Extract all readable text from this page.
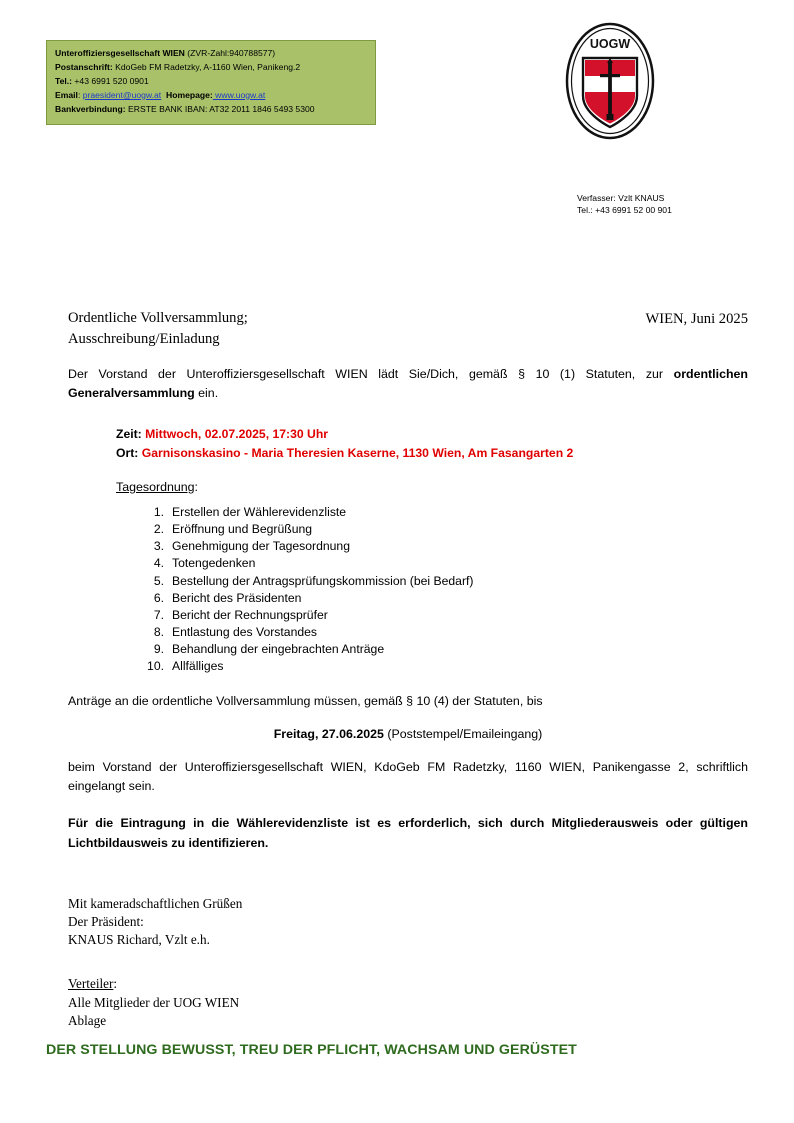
Unteroffiziersgesellschaft WIEN (ZVR-Zahl:940788577)
Postanschrift: KdoGeb FM Radetzky, A-1160 Wien, Panikeng.2
Tel.: +43 6991 520 0901
Email: praesident@uogw.at Homepage: www.uogw.at
Bankverbindung: ERSTE BANK IBAN: AT32 2011 1846 5493 5300
UOGW
Verfasser: Vzlt KNAUS
Tel.: +43 6991 52 00 901
Ordentliche Vollversammlung;
Ausschreibung/Einladung
WIEN, Juni 2025
Der Vorstand der Unteroffiziersgesellschaft WIEN lädt Sie/Dich, gemäß § 10 (1) Statuten, zur ordentlichen Generalversammlung ein.
Zeit: Mittwoch, 02.07.2025, 17:30 Uhr
Ort: Garnisonskasino - Maria Theresien Kaserne, 1130 Wien, Am Fasangarten 2
Tagesordnung:
Erstellen der Wählerevidenzliste
Eröffnung und Begrüßung
Genehmigung der Tagesordnung
Totengedenken
Bestellung der Antragsprüfungskommission (bei Bedarf)
Bericht des Präsidenten
Bericht der Rechnungsprüfer
Entlastung des Vorstandes
Behandlung der eingebrachten Anträge
Allfälliges
Anträge an die ordentliche Vollversammlung müssen, gemäß § 10 (4) der Statuten, bis
Freitag, 27.06.2025 (Poststempel/Emaileingang)
beim Vorstand der Unteroffiziersgesellschaft WIEN, KdoGeb FM Radetzky, 1160 WIEN, Panikengasse 2, schriftlich eingelangt sein.
Für die Eintragung in die Wählerevidenzliste ist es erforderlich, sich durch Mitgliederausweis oder gültigen Lichtbildausweis zu identifizieren.
Mit kameradschaftlichen Grüßen
Der Präsident:
KNAUS Richard, Vzlt e.h.
Verteiler:
Alle Mitglieder der UOG WIEN
Ablage
DER STELLUNG BEWUSST, TREU DER PFLICHT, WACHSAM UND GERÜSTET
